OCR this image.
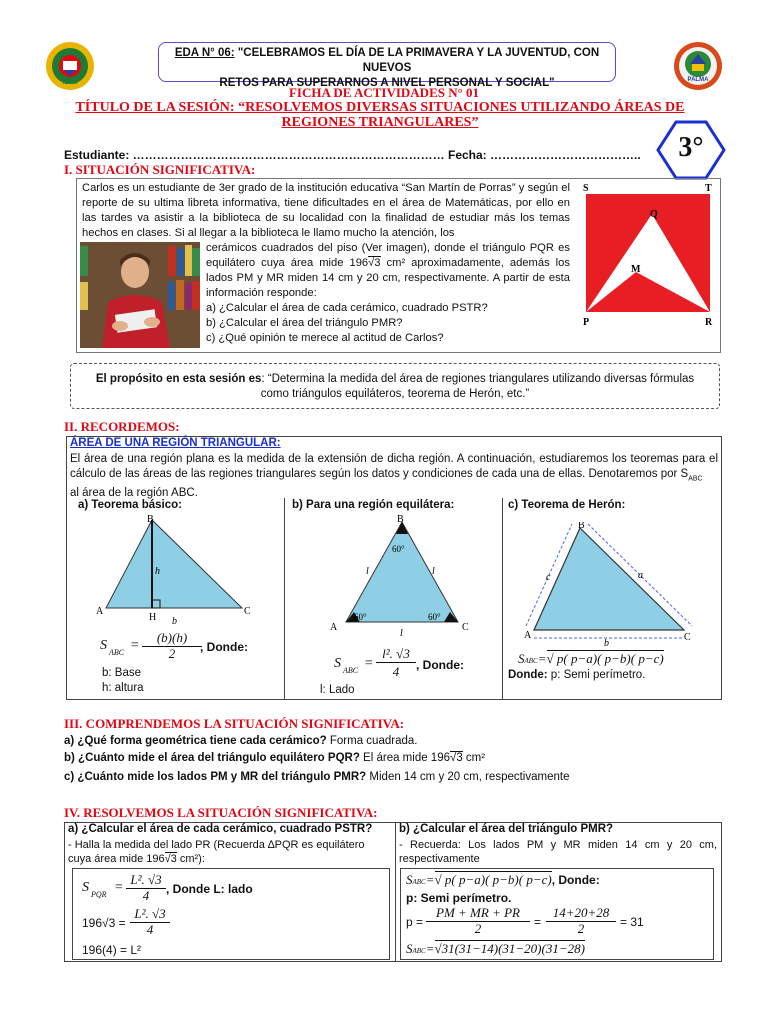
IEPM	PALMA
EDA N° 06: "CELEBRAMOS EL DÍA DE LA PRIMAVERA Y LA JUVENTUD, CON NUEVOS
RETOS PARA SUPERARNOS A NIVEL PERSONAL Y SOCIAL"
FICHA DE ACTIVIDADES N° 01
TÍTULO DE LA SESIÓN: “RESOLVEMOS DIVERSAS SITUACIONES UTILIZANDO ÁREAS DE
REGIONES TRIANGULARES”
3°
Estudiante: …………………………………………………………………… Fecha: ………………………………..
I. SITUACIÓN SIGNIFICATIVA:
Carlos es un estudiante de 3er grado de la institución educativa “San Martín de Porras” y según el reporte de su ultima libreta informativa, tiene dificultades en el área de Matemáticas, por ello en las tardes va asistir a la biblioteca de su localidad con la finalidad de estudiar más los temas hechos en clases. Si al llegar a la biblioteca le llamo mucho la atención, los
cerámicos cuadrados del piso (Ver imagen), donde el triángulo PQR es equilátero cuya área mide 196√3 cm² aproximadamente, además los lados PM y MR miden 14 cm y 20 cm, respectivamente. A partir de esta información responde:
a) ¿Calcular el área de cada cerámico, cuadrado PSTR?
b) ¿Calcular el área del triángulo PMR?
c) ¿Qué opinión te merece al actitud de Carlos?
S	T
Q
M
P	R
El propósito en esta sesión es: “Determina la medida del área de regiones triangulares utilizando diversas fórmulas como triángulos equiláteros, teorema de Herón, etc.”
II. RECORDEMOS:
ÁREA DE UNA REGIÓN TRIANGULAR:
El área de una región plana es la medida de la extensión de dicha región. A continuación, estudiaremos los teoremas para el cálculo de las áreas de las regiones triangulares según los datos y condiciones de cada una de ellas. Denotaremos por $S_{ABC}$
al área de la región ABC.
a) Teorema básico:
B
A	C
H
h
b
S ABC =
(b)(h)
2	, Donde:
b: Base
h: altura
b) Para una región equilátera:
B
A	C
60°
60°	60°
l	l
l
S ABC =
l². √3
4	, Donde:
l: Lado
c) Teorema de Herón:
B
A	C
c	a
b
SABC=√ p( p−a)( p−b)( p−c)
Donde: p: Semi perímetro.
III. COMPRENDEMOS LA SITUACIÓN SIGNIFICATIVA:
a) ¿Qué forma geométrica tiene cada cerámico? Forma cuadrada.
b) ¿Cuánto mide el área del triángulo equilátero PQR? El área mide 196√3 cm²
c) ¿Cuánto mide los lados PM y MR del triángulo PMR? Miden 14 cm y 20 cm, respectivamente
IV. RESOLVEMOS LA SITUACIÓN SIGNIFICATIVA:
a) ¿Calcular el área de cada cerámico, cuadrado PSTR?
- Halla la medida del lado PR (Recuerda ∆PQR es equilátero
cuya área mide 196√3 cm²):
S PQR =
L². √3
4	, Donde L: lado
196√3 =
L². √3
4
196(4) = L²
b) ¿Calcular el área del triángulo PMR?
- Recuerda: Los lados PM y MR miden 14 cm y 20 cm, respectivamente
SABC=√ p( p−a)( p−b)( p−c), Donde:
p: Semi perímetro.
p =
PM + MR + PR
2	=
14+20+28
2	= 31
SABC=√31(31−14)(31−20)(31−28)
